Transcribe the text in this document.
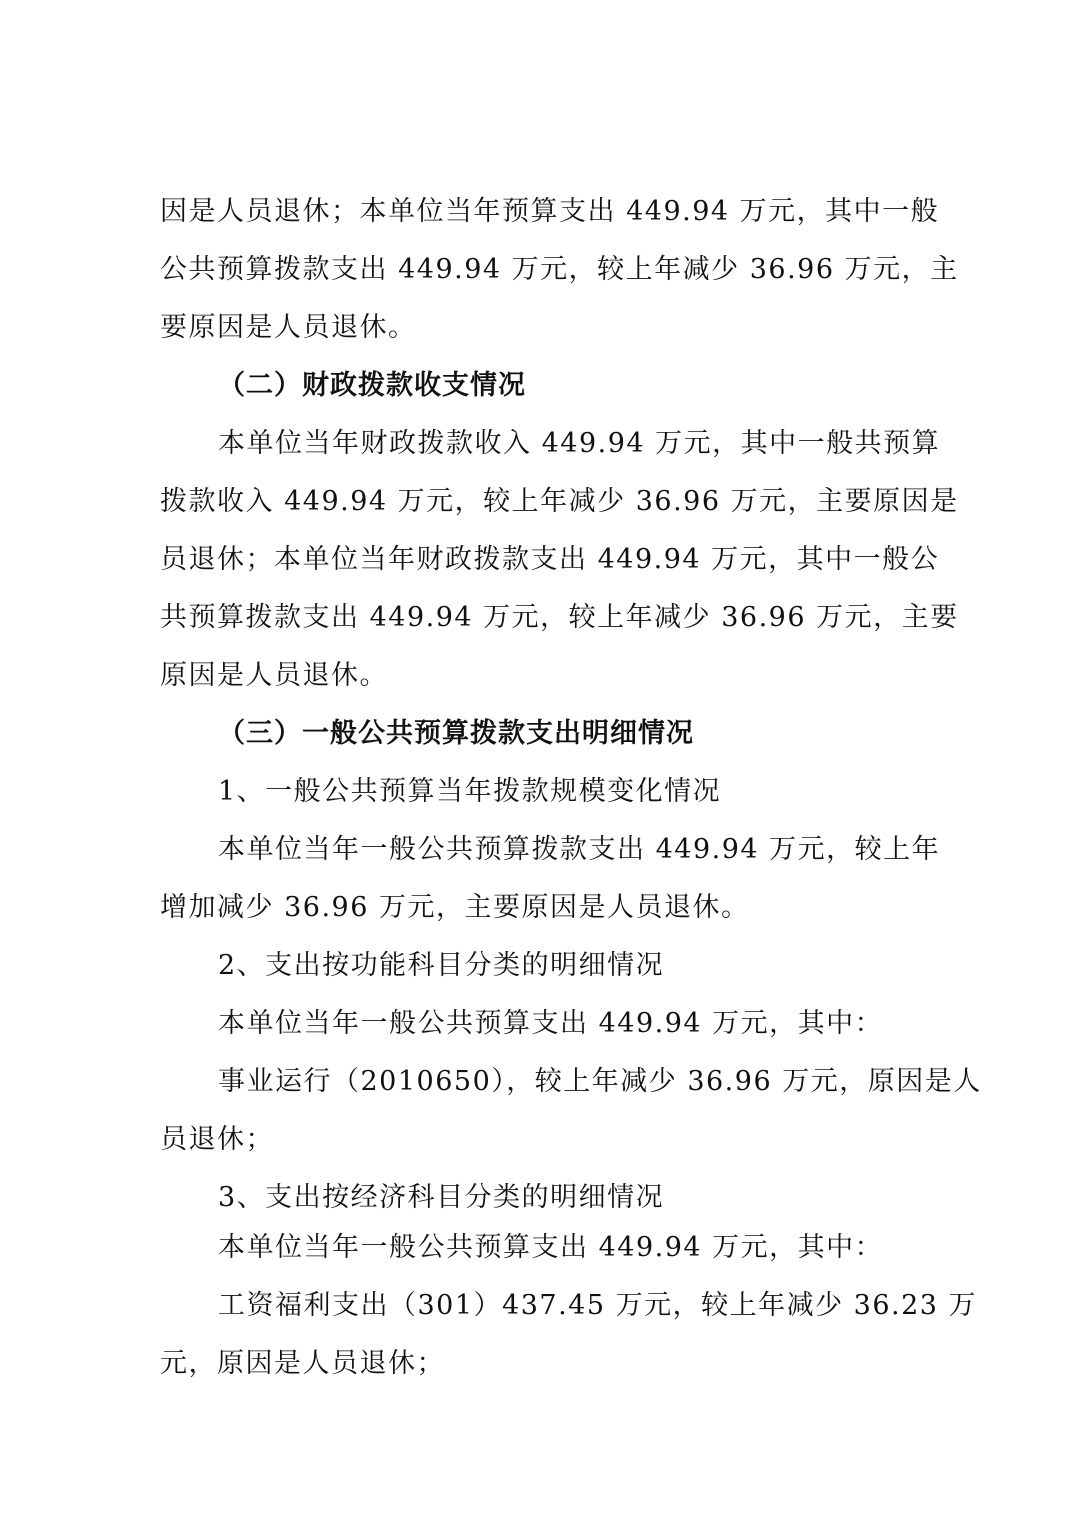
因是人员退休；本单位当年预算支出 449.94 万元，其中一般
公共预算拨款支出 449.94 万元，较上年减少 36.96 万元，主
要原因是人员退休。
（二）财政拨款收支情况
本单位当年财政拨款收入 449.94 万元，其中一般共预算
拨款收入 449.94 万元，较上年减少 36.96 万元，主要原因是
员退休；本单位当年财政拨款支出 449.94 万元，其中一般公
共预算拨款支出 449.94 万元，较上年减少 36.96 万元，主要
原因是人员退休。
（三）一般公共预算拨款支出明细情况
1、一般公共预算当年拨款规模变化情况
本单位当年一般公共预算拨款支出 449.94 万元，较上年
增加减少 36.96 万元，主要原因是人员退休。
2、支出按功能科目分类的明细情况
本单位当年一般公共预算支出 449.94 万元，其中：
事业运行（2010650），较上年减少 36.96 万元，原因是人
员退休；
3、支出按经济科目分类的明细情况
本单位当年一般公共预算支出 449.94 万元，其中：
工资福利支出（301）437.45 万元，较上年减少 36.23 万
元，原因是人员退休；
